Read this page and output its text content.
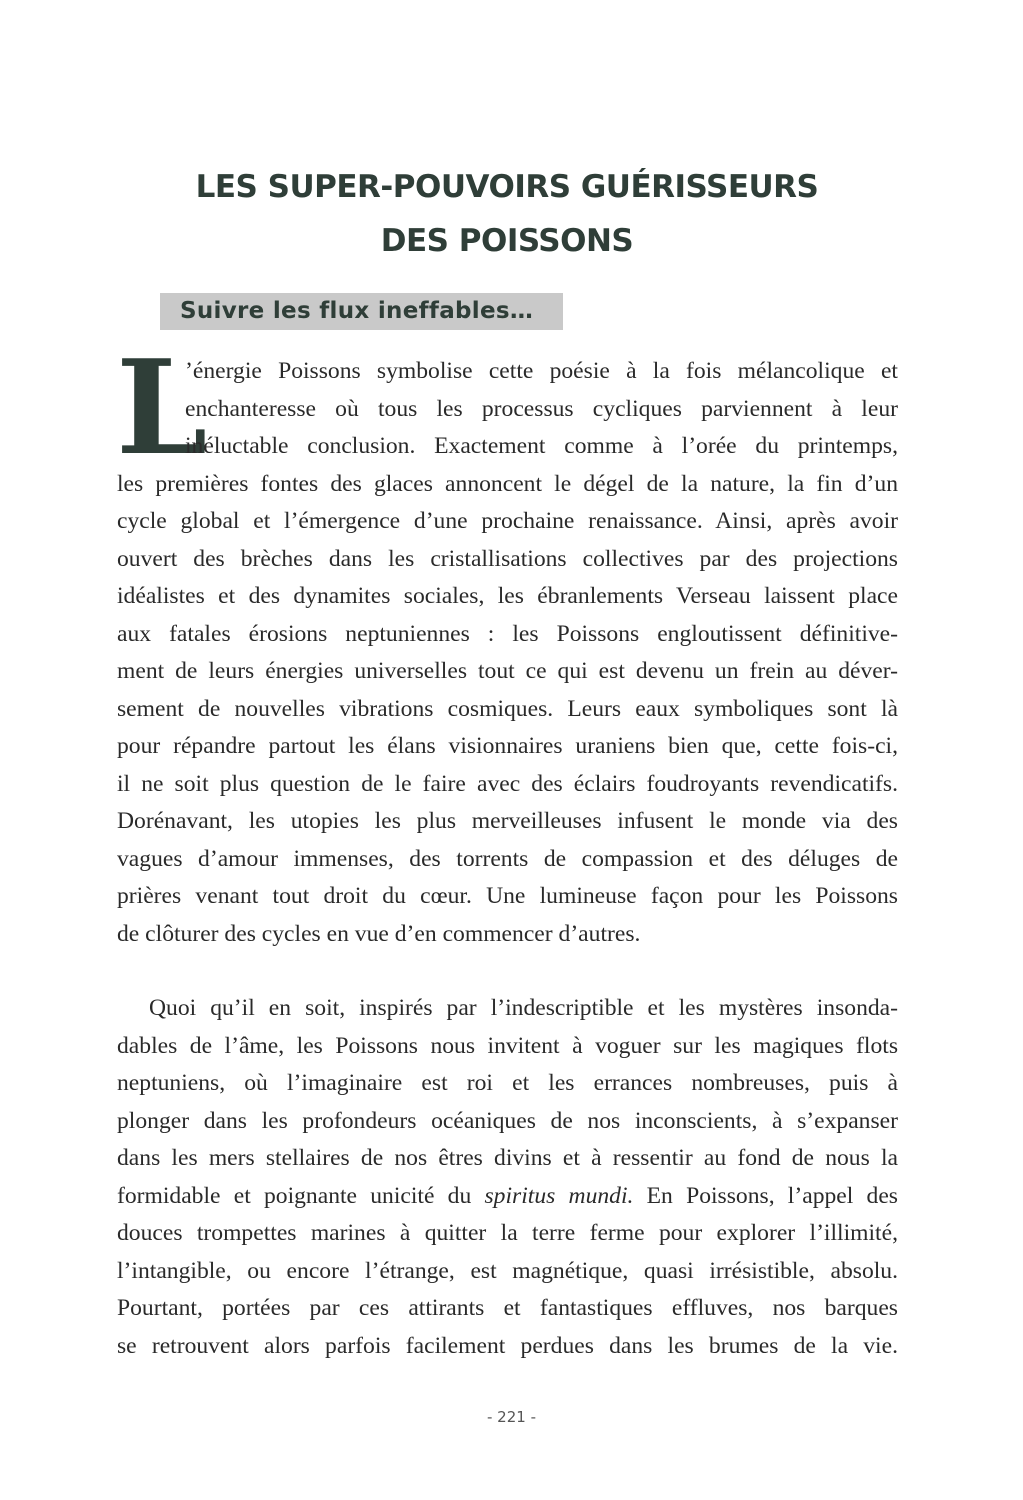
LES SUPER-POUVOIRS GUÉRISSEURS
DES POISSONS
Suivre les flux ineffables…
L
’énergie Poissons symbolise cette poésie à la fois mélancolique et
enchanteresse où tous les processus cycliques parviennent à leur
inéluctable conclusion. Exactement comme à l’orée du printemps,
les premières fontes des glaces annoncent le dégel de la nature, la fin d’un
cycle global et l’émergence d’une prochaine renaissance. Ainsi, après avoir
ouvert des brèches dans les cristallisations collectives par des projections
idéalistes et des dynamites sociales, les ébranlements Verseau laissent place
aux fatales érosions neptuniennes : les Poissons engloutissent définitive-
ment de leurs énergies universelles tout ce qui est devenu un frein au déver-
sement de nouvelles vibrations cosmiques. Leurs eaux symboliques sont là
pour répandre partout les élans visionnaires uraniens bien que, cette fois-ci,
il ne soit plus question de le faire avec des éclairs foudroyants revendicatifs.
Dorénavant, les utopies les plus merveilleuses infusent le monde via des
vagues d’amour immenses, des torrents de compassion et des déluges de
prières venant tout droit du cœur. Une lumineuse façon pour les Poissons
de clôturer des cycles en vue d’en commencer d’autres.
Quoi qu’il en soit, inspirés par l’indescriptible et les mystères insonda-
dables de l’âme, les Poissons nous invitent à voguer sur les magiques flots
neptuniens, où l’imaginaire est roi et les errances nombreuses, puis à
plonger dans les profondeurs océaniques de nos inconscients, à s’expanser
dans les mers stellaires de nos êtres divins et à ressentir au fond de nous la
formidable et poignante unicité du spiritus mundi. En Poissons, l’appel des
douces trompettes marines à quitter la terre ferme pour explorer l’illimité,
l’intangible, ou encore l’étrange, est magnétique, quasi irrésistible, absolu.
Pourtant, portées par ces attirants et fantastiques effluves, nos barques
se retrouvent alors parfois facilement perdues dans les brumes de la vie.
- 221 -
